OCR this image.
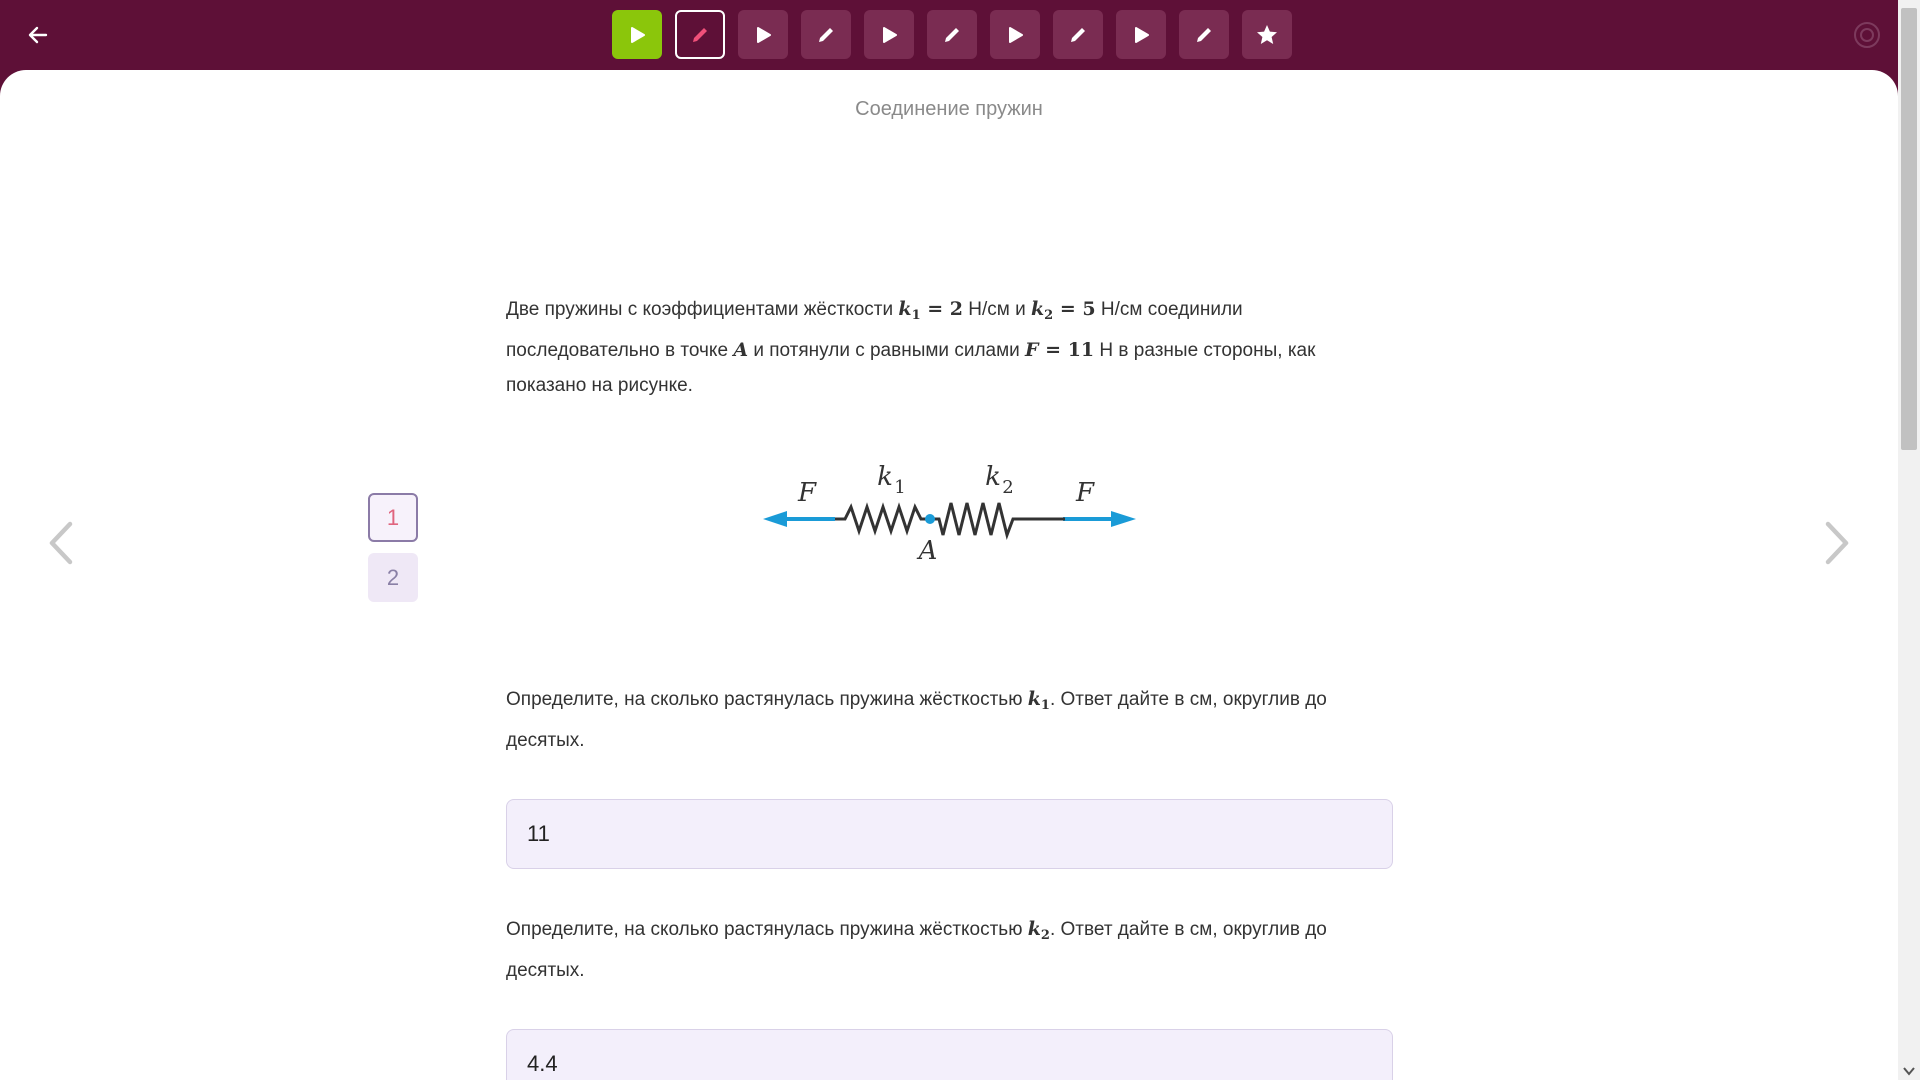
Соединение пружин
1
2
Две пружины с коэффициентами жёсткости $k_1 = 2$ Н/см и $k_2 = 5$ Н/см соединили последовательно в точке A и потянули с равными силами F = 11 Н в разные стороны, как показано на рисунке.
F	F
k 1	k 2
A
Определите, на сколько растянулась пружина жёсткостью $k_1$. Ответ дайте в см, округлив до десятых.
11
Определите, на сколько растянулась пружина жёсткостью $k_2$. Ответ дайте в см, округлив до десятых.
4.4
